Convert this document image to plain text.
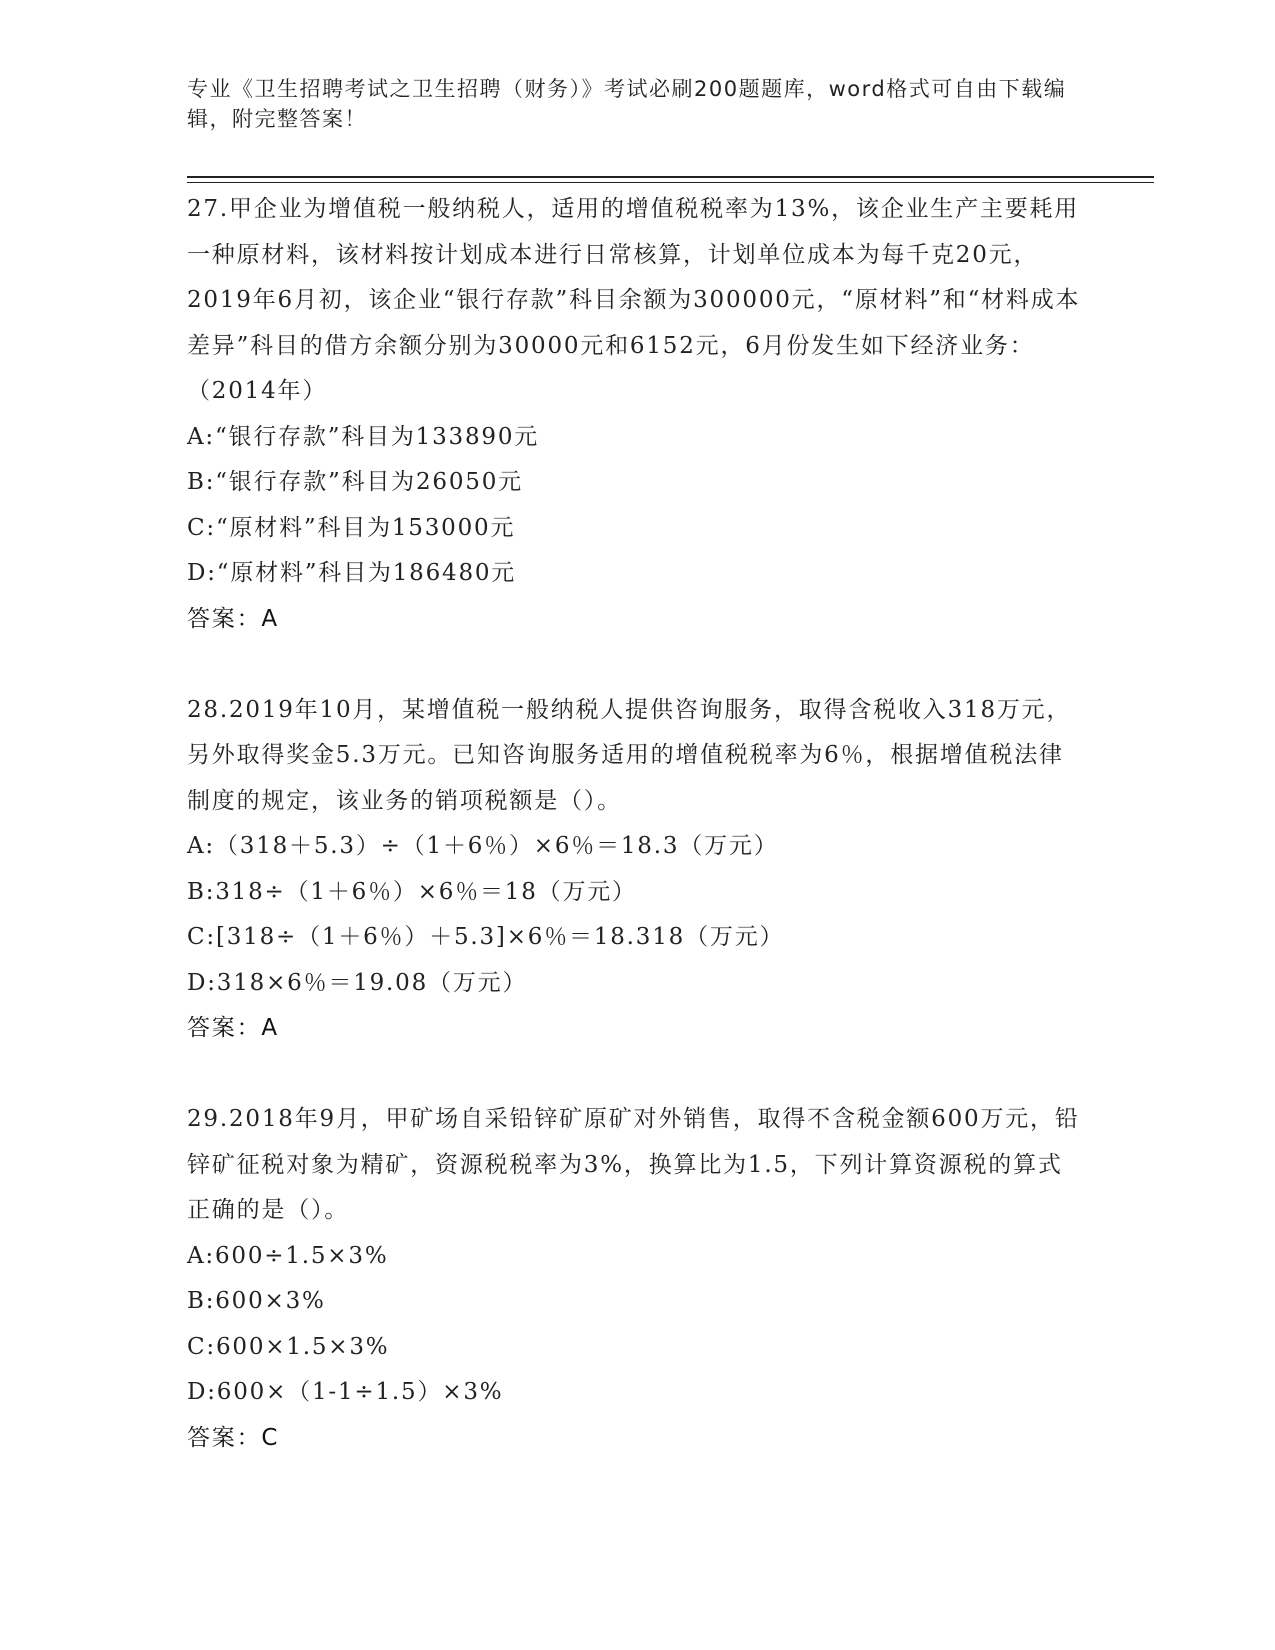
专业《卫生招聘考试之卫生招聘（财务）》考试必刷200题题库，word格式可自由下载编辑，附完整答案！
27.甲企业为增值税一般纳税人，适用的增值税税率为13%，该企业生产主要耗用一种原材料，该材料按计划成本进行日常核算，计划单位成本为每千克20元，2019年6月初，该企业“银行存款”科目余额为300000元，“原材料”和“材料成本差异”科目的借方余额分别为30000元和6152元，6月份发生如下经济业务：（2014年）
A:“银行存款”科目为133890元
B:“银行存款”科目为26050元
C:“原材料”科目为153000元
D:“原材料”科目为186480元
答案：A
28.2019年10月，某增值税一般纳税人提供咨询服务，取得含税收入318万元，另外取得奖金5.3万元。已知咨询服务适用的增值税税率为6％，根据增值税法律制度的规定，该业务的销项税额是（）。
A:（318＋5.3）÷（1＋6％）×6％＝18.3（万元）
B:318÷（1＋6％）×6％＝18（万元）
C:[318÷（1＋6％）＋5.3]×6％＝18.318（万元）
D:318×6％＝19.08（万元）
答案：A
29.2018年9月，甲矿场自采铅锌矿原矿对外销售，取得不含税金额600万元，铅锌矿征税对象为精矿，资源税税率为3%，换算比为1.5，下列计算资源税的算式正确的是（）。
A:600÷1.5×3%
B:600×3%
C:600×1.5×3%
D:600×（1-1÷1.5）×3%
答案：C
